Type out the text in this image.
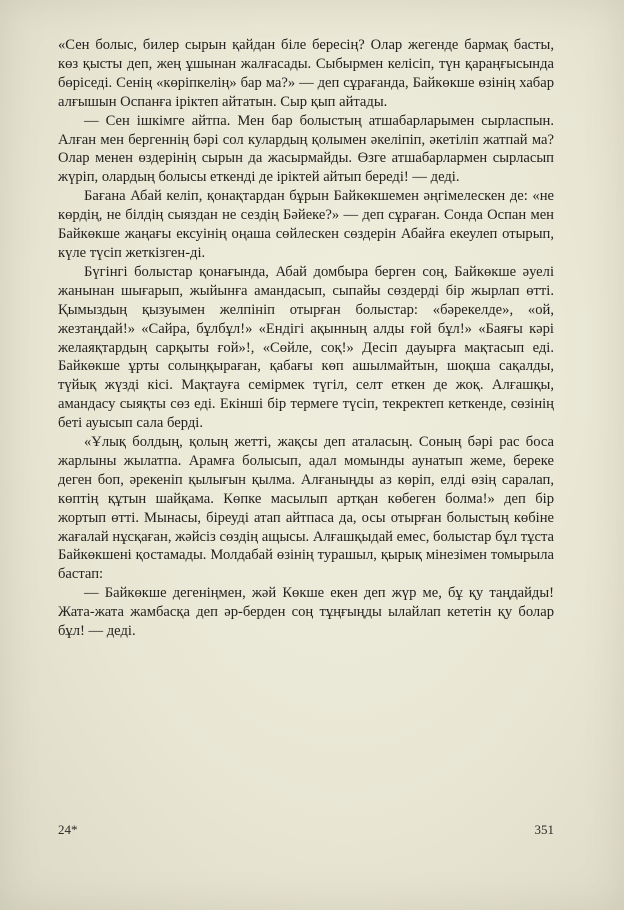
«Сен болыс, билер сырын қайдан біле бересің? Олар жегенде бармақ басты, көз қысты деп, жең ұшынан жалғасады. Сыбырмен келісіп, түн қараңғысында бөріседі. Сенің «көріпкелің» бар ма?» — деп сұрағанда, Байкөкше өзінің хабар алғышын Оспанға іріктеп айтатын. Сыр қып айтады.

— Сен ішкімге айтпа. Мен бар болыстың атшабарларымен сырласпын. Алған мен бергеннің бәрі сол кулардың қолымен әкеліпіп, әкетіліп жатпай ма? Олар менен өздерінің сырын да жасырмайды. Өзге атшабарлармен сырласып жүріп, олардың болысы еткенді де іріктей айтып береді! — деді.

Бағана Абай келіп, қонақтардан бұрын Байкөкшемен әңгімелескен де: «не көрдің, не білдің сыяздан не сездің Бәйеке?» — деп сұраған. Сонда Оспан мен Байкөкше жаңағы ексуінің оңаша сөйлескен сөздерін Абайға екеулеп отырып, күле түсіп жеткізген-ді.

Бүгінгі болыстар қонағында, Абай домбыра берген соң, Байкөкше әуелі жанынан шығарып, жыйынға амандасып, сыпайы сөздерді бір жырлап өтті. Қымыздың қызуымен желпініп отырған болыстар: «бәрекелде», «ой, жезтаңдай!» «Сайра, бұлбұл!» «Ендігі ақынның алды ғой бұл!» «Баяғы кәрі желаяқтардың сарқыты ғой»!, «Сөйле, соқ!» Десіп дауырға мақтасып еді. Байкөкше ұрты солыңқыраған, қабағы көп ашылмайтын, шоқша сақалды, түйық жүзді кісі. Мақтауға семірмек түгіл, селт еткен де жоқ. Алғашқы, амандасу сыяқты сөз еді. Екінші бір термеге түсіп, текректеп кеткенде, сөзінің беті ауысып сала берді.

«Ұлық болдың, қолың жетті, жақсы деп аталасың. Соның бәрі рас боса жарлыны жылатпа. Арамға болысып, адал момынды аунатып жеме, береке деген боп, әрекеніп қылығын қылма. Алғаныңды аз көріп, елді өзің саралап, көптің құтын шайқама. Көпке масылып артқан көбеген болма!» деп бір жортып өтті. Мынасы, біреуді атап айтпаса да, осы отырған болыстың көбіне жағалай нұсқаған, жәйсіз сөздің ащысы. Алғашқыдай емес, болыстар бұл тұста Байкөкшені қостамады. Молдабай өзінің турашыл, қырық мінезімен томырыла бастап:

— Байкөкше дегеніңмен, жәй Көкше екен деп жүр ме, бұ қу таңдайды! Жата-жата жамбасқа деп әр-берден соң тұңғыңды ылайлап кететін қу болар бұл! — деді.

24*	351
